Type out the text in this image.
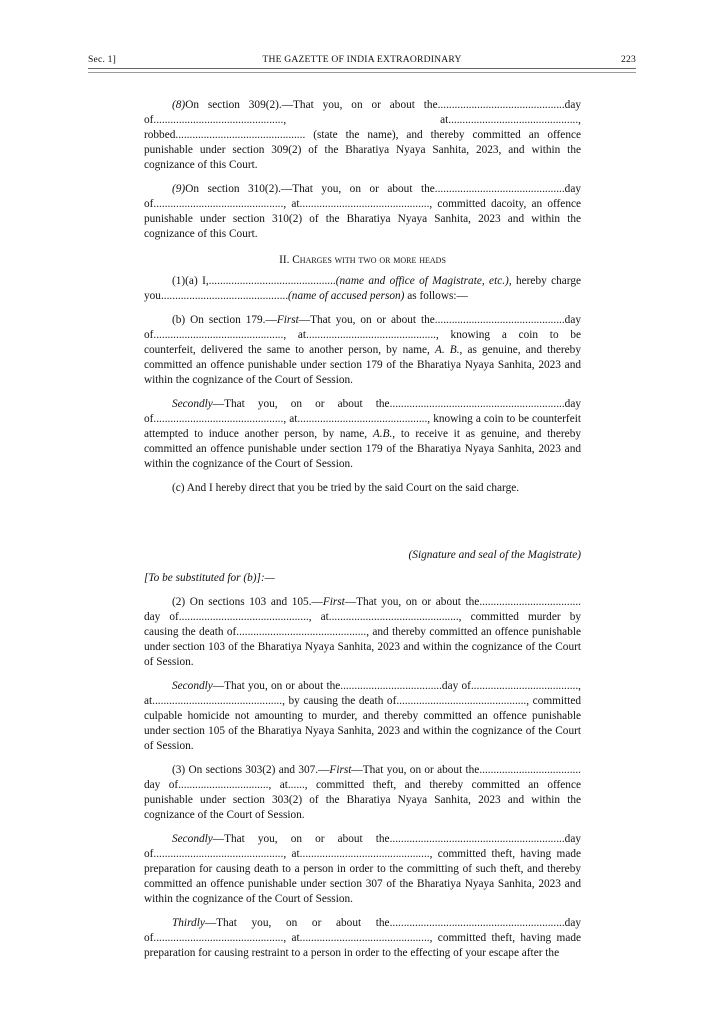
Sec. 1]	THE GAZETTE OF INDIA EXTRAORDINARY	223

(8)On section 309(2).—That you, on or about the.............................................day of.............................................., at.............................................., robbed.............................................. (state the name), and thereby committed an offence punishable under section 309(2) of the Bharatiya Nyaya Sanhita, 2023, and within the cognizance of this Court.

(9)On section 310(2).—That you, on or about the..............................................day of.............................................., at.............................................., committed dacoity, an offence punishable under section 310(2) of the Bharatiya Nyaya Sanhita, 2023 and within the cognizance of this Court.

II. Charges with two or more heads

(1)(a) I,.............................................(name and office of Magistrate, etc.), hereby charge you.............................................(name of accused person) as follows:—

(b) On section 179.—First—That you, on or about the..............................................day of.............................................., at.............................................., knowing a coin to be counterfeit, delivered the same to another person, by name, A. B., as genuine, and thereby committed an offence punishable under section 179 of the Bharatiya Nyaya Sanhita, 2023 and within the cognizance of the Court of Session.

Secondly—That you, on or about the..............................................................day of.............................................., at.............................................., knowing a coin to be counterfeit attempted to induce another person, by name, A.B., to receive it as genuine, and thereby committed an offence punishable under section 179 of the Bharatiya Nyaya Sanhita, 2023 and within the cognizance of the Court of Session.

(c) And I hereby direct that you be tried by the said Court on the said charge.

(Signature and seal of the Magistrate)

[To be substituted for (b)]:—

(2) On sections 103 and 105.—First—That you, on or about the.................................... day of.............................................., at.............................................., committed murder by causing the death of.............................................., and thereby committed an offence punishable under section 103 of the Bharatiya Nyaya Sanhita, 2023 and within the cognizance of the Court of Session.

Secondly—That you, on or about the....................................day of......................................, at.............................................., by causing the death of.............................................., committed culpable homicide not amounting to murder, and thereby committed an offence punishable under section 105 of the Bharatiya Nyaya Sanhita, 2023 and within the cognizance of the Court of Session.

(3) On sections 303(2) and 307.—First—That you, on or about the.................................... day of................................, at......, committed theft, and thereby committed an offence punishable under section 303(2) of the Bharatiya Nyaya Sanhita, 2023 and within the cognizance of the Court of Session.

Secondly—That you, on or about the..............................................................day of.............................................., at.............................................., committed theft, having made preparation for causing death to a person in order to the committing of such theft, and thereby committed an offence punishable under section 307 of the Bharatiya Nyaya Sanhita, 2023 and within the cognizance of the Court of Session.

Thirdly—That you, on or about the..............................................................day of.............................................., at.............................................., committed theft, having made preparation for causing restraint to a person in order to the effecting of your escape after the
